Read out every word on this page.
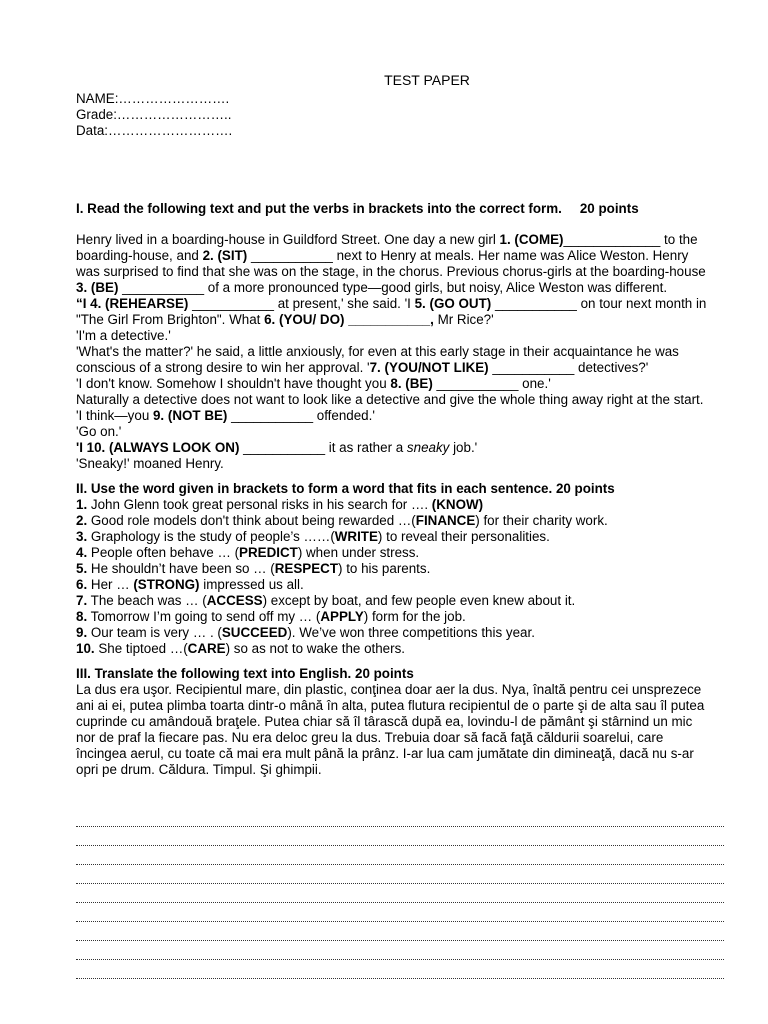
TEST PAPER

NAME:…………………….

Grade:……………………..

Data:……………………….

I. Read the following text and put the verbs in brackets into the correct form. 20 points

Henry lived in a boarding-house in Guildford Street. One day a new girl 1. (COME)_____________ to the

boarding-house, and 2. (SIT) ___________ next to Henry at meals. Her name was Alice Weston. Henry

was surprised to find that she was on the stage, in the chorus. Previous chorus-girls at the boarding-house

3. (BE) ___________ of a more pronounced type—good girls, but noisy, Alice Weston was different.

“I 4. (REHEARSE) ___________ at present,' she said. 'I 5. (GO OUT) ___________ on tour next month in

"The Girl From Brighton". What 6. (YOU/ DO) ___________, Mr Rice?'

'I'm a detective.'

'What's the matter?' he said, a little anxiously, for even at this early stage in their acquaintance he was

conscious of a strong desire to win her approval. '7. (YOU/NOT LIKE) ___________ detectives?'

'I don't know. Somehow I shouldn't have thought you 8. (BE) ___________ one.'

Naturally a detective does not want to look like a detective and give the whole thing away right at the start.

'I think—you 9. (NOT BE) ___________ offended.'

'Go on.'

'I 10. (ALWAYS LOOK ON) ___________ it as rather a sneaky job.'

'Sneaky!' moaned Henry.

II. Use the word given in brackets to form a word that fits in each sentence. 20 points

1. John Glenn took great personal risks in his search for …. (KNOW)

2. Good role models don't think about being rewarded …(FINANCE) for their charity work.

3. Graphology is the study of people’s ……(WRITE) to reveal their personalities.

4. People often behave … (PREDICT) when under stress.

5. He shouldn’t have been so … (RESPECT) to his parents.

6. Her … (STRONG) impressed us all.

7. The beach was … (ACCESS) except by boat, and few people even knew about it.

8. Tomorrow I’m going to send off my … (APPLY) form for the job.

9. Our team is very … . (SUCCEED). We’ve won three competitions this year.

10. She tiptoed …(CARE) so as not to wake the others.

III. Translate the following text into English. 20 points

La dus era uşor. Recipientul mare, din plastic, conţinea doar aer la dus. Nya, înaltă pentru cei unsprezece

ani ai ei, putea plimba toarta dintr-o mână în alta, putea flutura recipientul de o parte şi de alta sau îl putea

cuprinde cu amândouă braţele. Putea chiar să îl târască după ea, lovindu-l de pământ şi stârnind un mic

nor de praf la fiecare pas. Nu era deloc greu la dus. Trebuia doar să facă faţă căldurii soarelui, care

încingea aerul, cu toate că mai era mult până la prânz. I-ar lua cam jumătate din dimineaţă, dacă nu s-ar

opri pe drum. Căldura. Timpul. Şi ghimpii.
